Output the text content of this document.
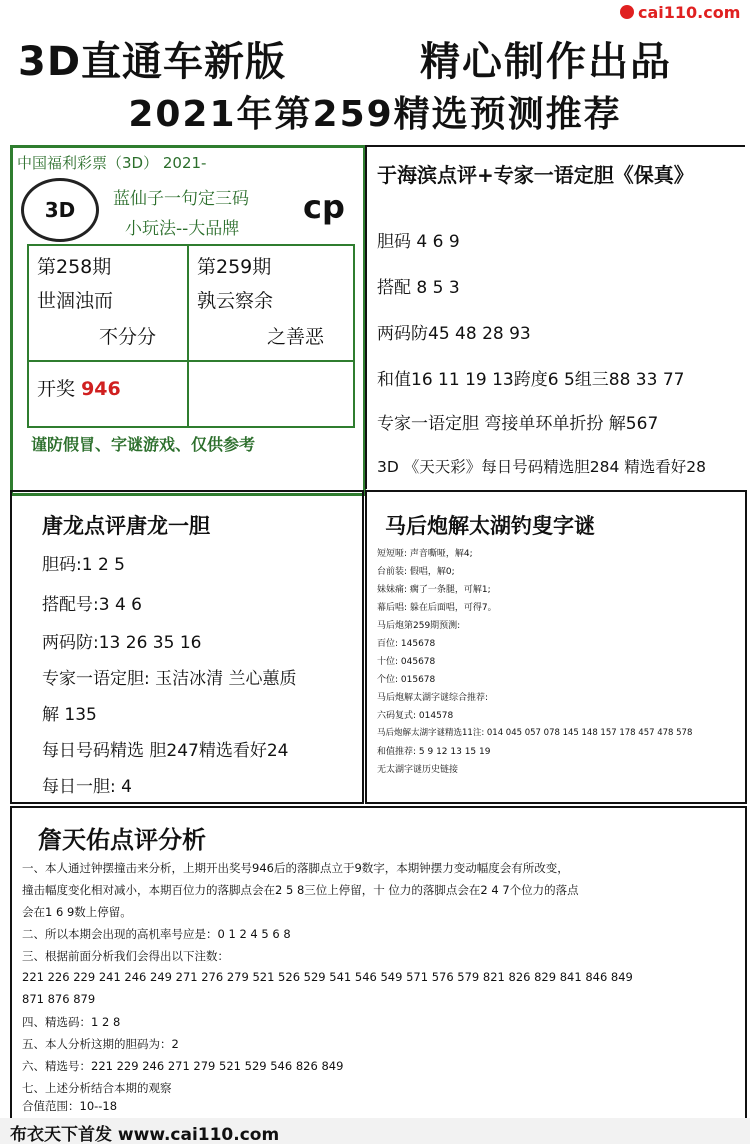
cai110.com
3D直通车新版	精心制作出品
2021年第259精选预测推荐
中国福利彩票（3D） 2021-
3D	蓝仙子一句定三码
小玩法--大品牌
cp
第258期
世涸浊而
不分分
第259期
孰云察余
之善恶
开奖 946
谨防假冒、字谜游戏、仅供参考
于海滨点评+专家一语定胆《保真》
胆码 4 6 9
搭配 8 5 3
两码防45 48 28 93
和值16 11 19 13跨度6 5组三88 33 77
专家一语定胆 弯接单环单折扮 解567
3D 《天天彩》每日号码精选胆284 精选看好28
唐龙点评唐龙一胆
胆码:1 2 5
搭配号:3 4 6
两码防:13 26 35 16
专家一语定胆: 玉洁冰清 兰心蕙质
解 135
每日号码精选 胆247精选看好24
每日一胆: 4
马后炮解太湖钓叟字谜
短短哑: 声音嘶哑，解4;
台前装: 假唱，解0;
妹妹痛: 瘸了一条腿，可解1;
幕后唱: 躲在后面唱，可得7。
马后炮第259期预测:
百位: 145678
十位: 045678
个位: 015678
马后炮解太湖字谜综合推荐:
六码复式: 014578
马后炮解太湖字谜精选11注: 014 045 057 078 145 148 157 178 457 478 578
和值推荐: 5 9 12 13 15 19
无太湖字谜历史链接
詹天佑点评分析
一、本人通过钟摆撞击来分析，上期开出奖号946后的落脚点立于9数字，本期钟摆力变动幅度会有所改变，
撞击幅度变化相对减小，本期百位力的落脚点会在2 5 8三位上停留，十 位力的落脚点会在2 4 7个位力的落点
会在1 6 9数上停留。
二、所以本期会出现的高机率号应是：0 1 2 4 5 6 8
三、根据前面分析我们会得出以下注数：
221 226 229 241 246 249 271 276 279 521 526 529 541 546 549 571 576 579 821 826 829 841 846 849
871 876 879
四、精选码：1 2 8
五、本人分析这期的胆码为：2
六、精选号：221 229 246 271 279 521 529 546 826 849
七、上述分析结合本期的观察
合值范围：10--18
布衣天下首发 www.cai110.com
